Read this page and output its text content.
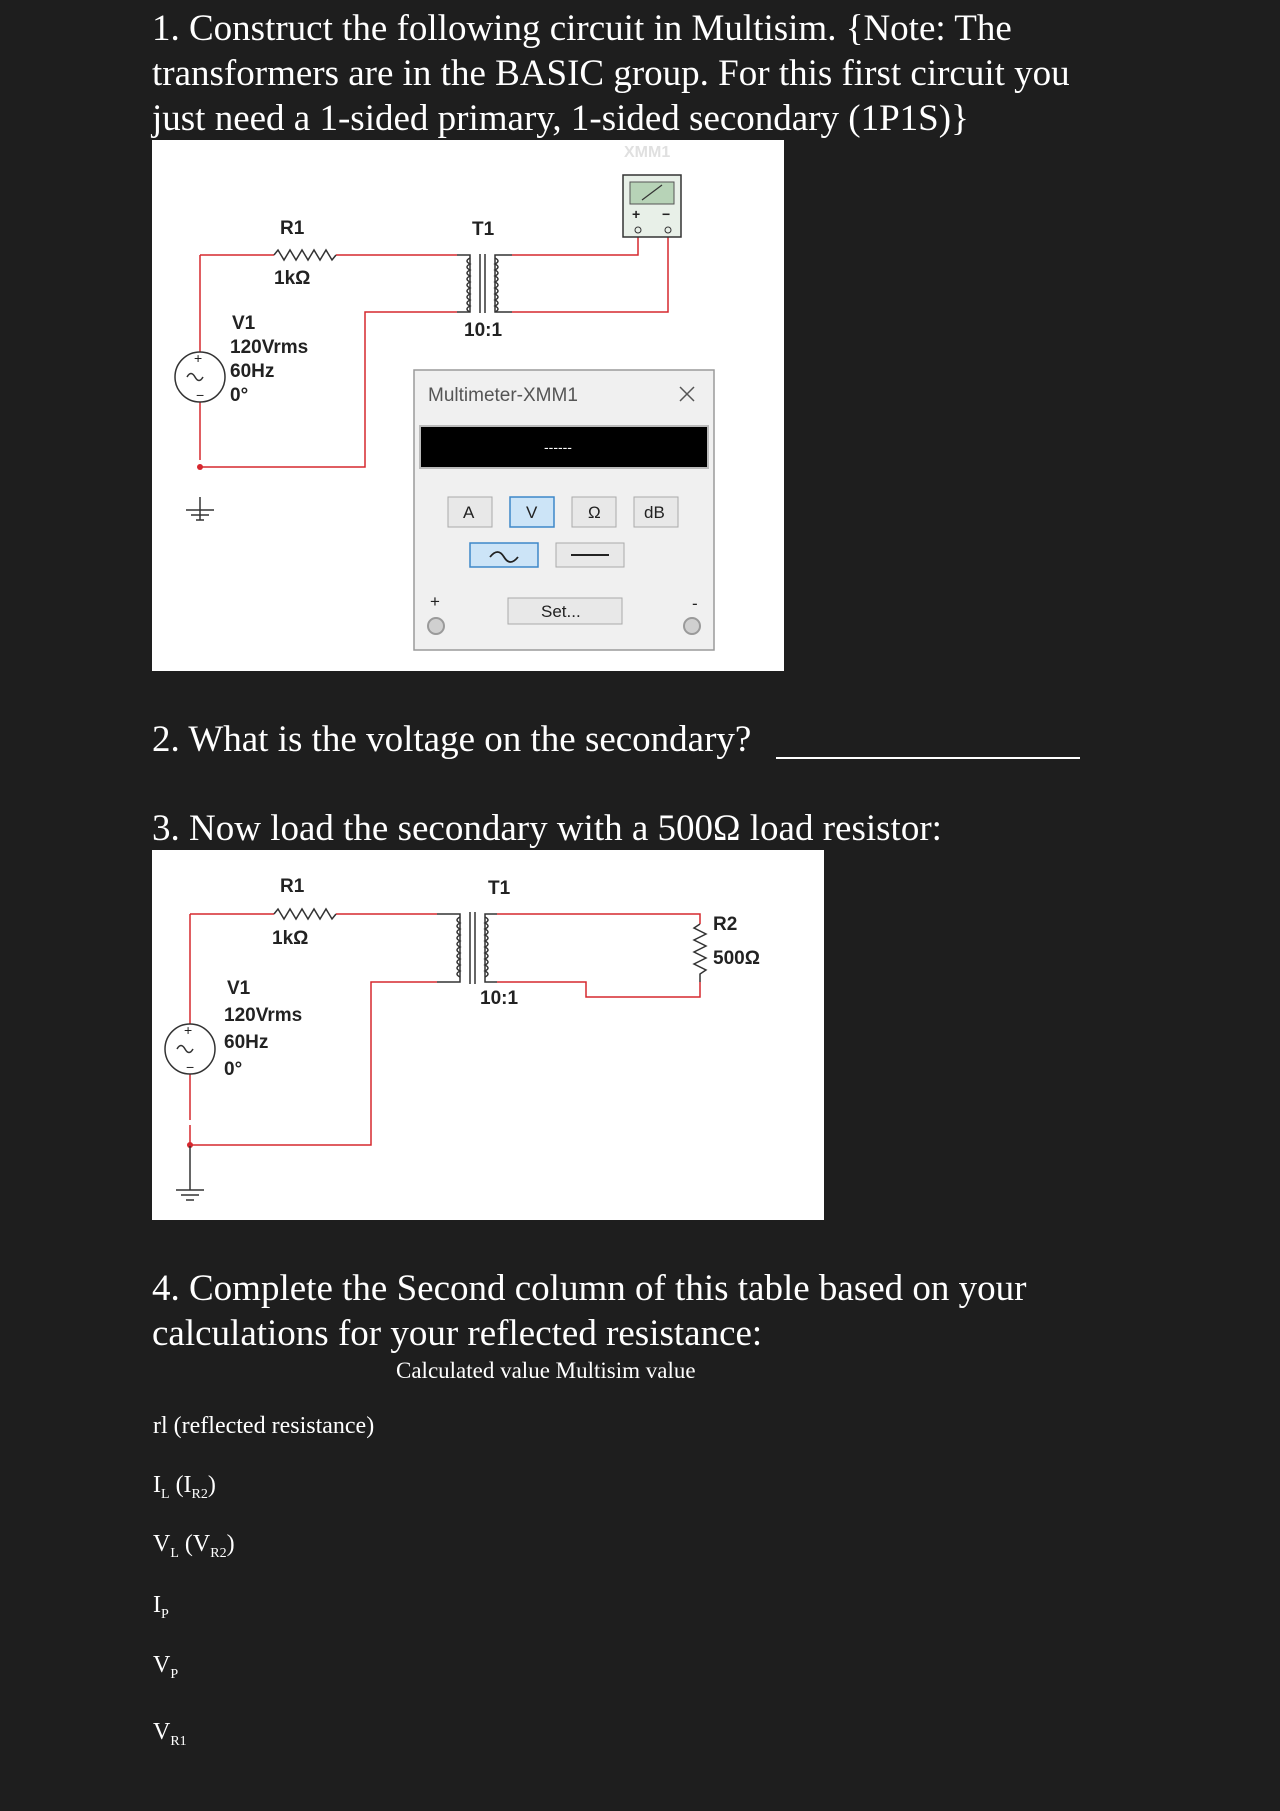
1. Construct the following circuit in Multisim. {Note: The
transformers are in the BASIC group. For this first circuit you
just need a 1-sided primary, 1-sided secondary (1P1S)}
+
−
V1
120Vrms
60Hz
0°
R1
1kΩ
T1
10:1
+ −
Multimeter-XMM1
------
A	V	Ω	dB
+	-
Set...
XMM1
2. What is the voltage on the secondary?
3. Now load the secondary with a 500Ω load resistor:
+
−
V1
120Vrms
60Hz
0°
R1
1kΩ
T1
10:1
R2
500Ω
4. Complete the Second column of this table based on your
calculations for your reflected resistance:
Calculated value Multisim value
rl (reflected resistance)
$I_L$ $(I_{R2})$
$V_L$ $(V_{R2})$
$I_P$
$V_P$
$V_{R1}$
